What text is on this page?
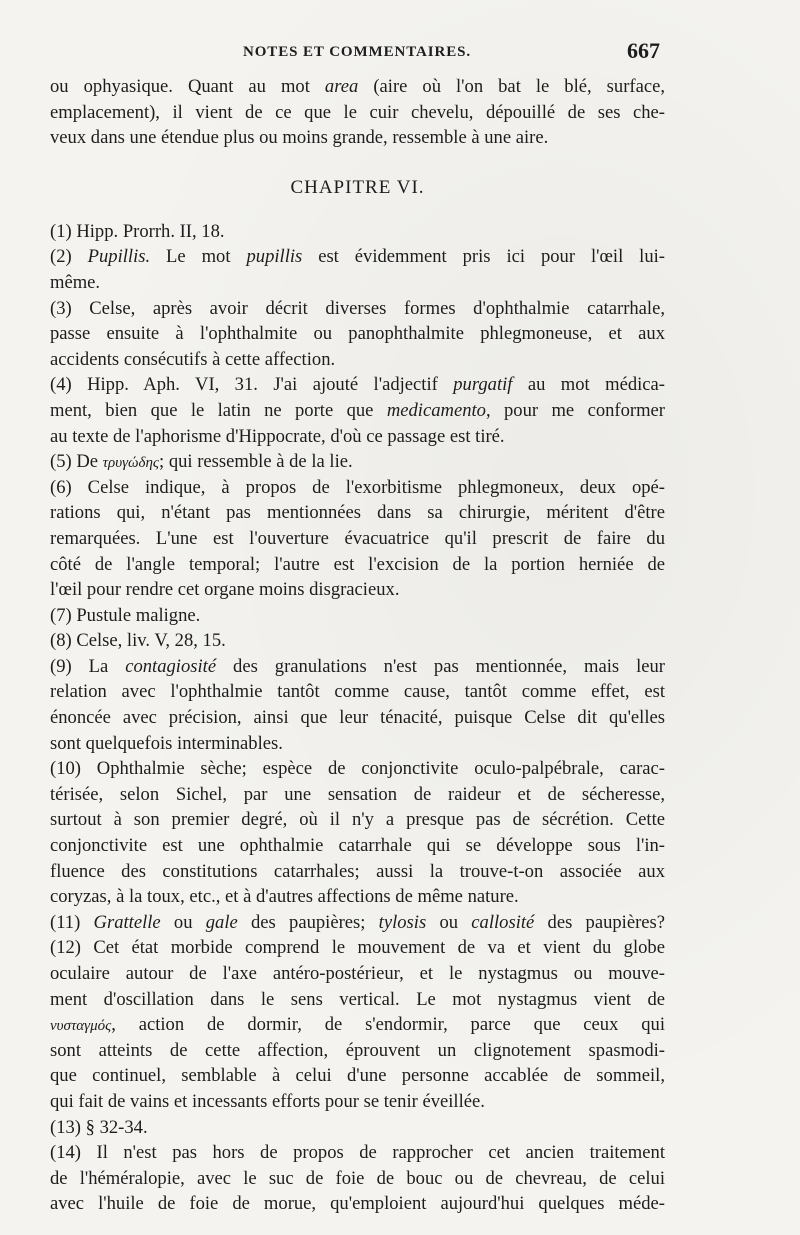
NOTES ET COMMENTAIRES.	667
ou ophyasique. Quant au mot area (aire où l'on bat le blé, surface,
emplacement), il vient de ce que le cuir chevelu, dépouillé de ses che-
veux dans une étendue plus ou moins grande, ressemble à une aire.
CHAPITRE VI.
(1) Hipp. Prorrh. II, 18.
(2) Pupillis. Le mot pupillis est évidemment pris ici pour l'œil lui-
même.
(3) Celse, après avoir décrit diverses formes d'ophthalmie catarrhale,
passe ensuite à l'ophthalmite ou panophthalmite phlegmoneuse, et aux
accidents consécutifs à cette affection.
(4) Hipp. Aph. VI, 31. J'ai ajouté l'adjectif purgatif au mot médica-
ment, bien que le latin ne porte que medicamento, pour me conformer
au texte de l'aphorisme d'Hippocrate, d'où ce passage est tiré.
(5) De τρυγώδης; qui ressemble à de la lie.
(6) Celse indique, à propos de l'exorbitisme phlegmoneux, deux opé-
rations qui, n'étant pas mentionnées dans sa chirurgie, méritent d'être
remarquées. L'une est l'ouverture évacuatrice qu'il prescrit de faire du
côté de l'angle temporal; l'autre est l'excision de la portion herniée de
l'œil pour rendre cet organe moins disgracieux.
(7) Pustule maligne.
(8) Celse, liv. V, 28, 15.
(9) La contagiosité des granulations n'est pas mentionnée, mais leur
relation avec l'ophthalmie tantôt comme cause, tantôt comme effet, est
énoncée avec précision, ainsi que leur ténacité, puisque Celse dit qu'elles
sont quelquefois interminables.
(10) Ophthalmie sèche; espèce de conjonctivite oculo-palpébrale, carac-
térisée, selon Sichel, par une sensation de raideur et de sécheresse,
surtout à son premier degré, où il n'y a presque pas de sécrétion. Cette
conjonctivite est une ophthalmie catarrhale qui se développe sous l'in-
fluence des constitutions catarrhales; aussi la trouve-t-on associée aux
coryzas, à la toux, etc., et à d'autres affections de même nature.
(11) Grattelle ou gale des paupières; tylosis ou callosité des paupières?
(12) Cet état morbide comprend le mouvement de va et vient du globe
oculaire autour de l'axe antéro-postérieur, et le nystagmus ou mouve-
ment d'oscillation dans le sens vertical. Le mot nystagmus vient de
νυσταγμός, action de dormir, de s'endormir, parce que ceux qui
sont atteints de cette affection, éprouvent un clignotement spasmodi-
que continuel, semblable à celui d'une personne accablée de sommeil,
qui fait de vains et incessants efforts pour se tenir éveillée.
(13) § 32-34.
(14) Il n'est pas hors de propos de rapprocher cet ancien traitement
de l'héméralopie, avec le suc de foie de bouc ou de chevreau, de celui
avec l'huile de foie de morue, qu'emploient aujourd'hui quelques méde-
